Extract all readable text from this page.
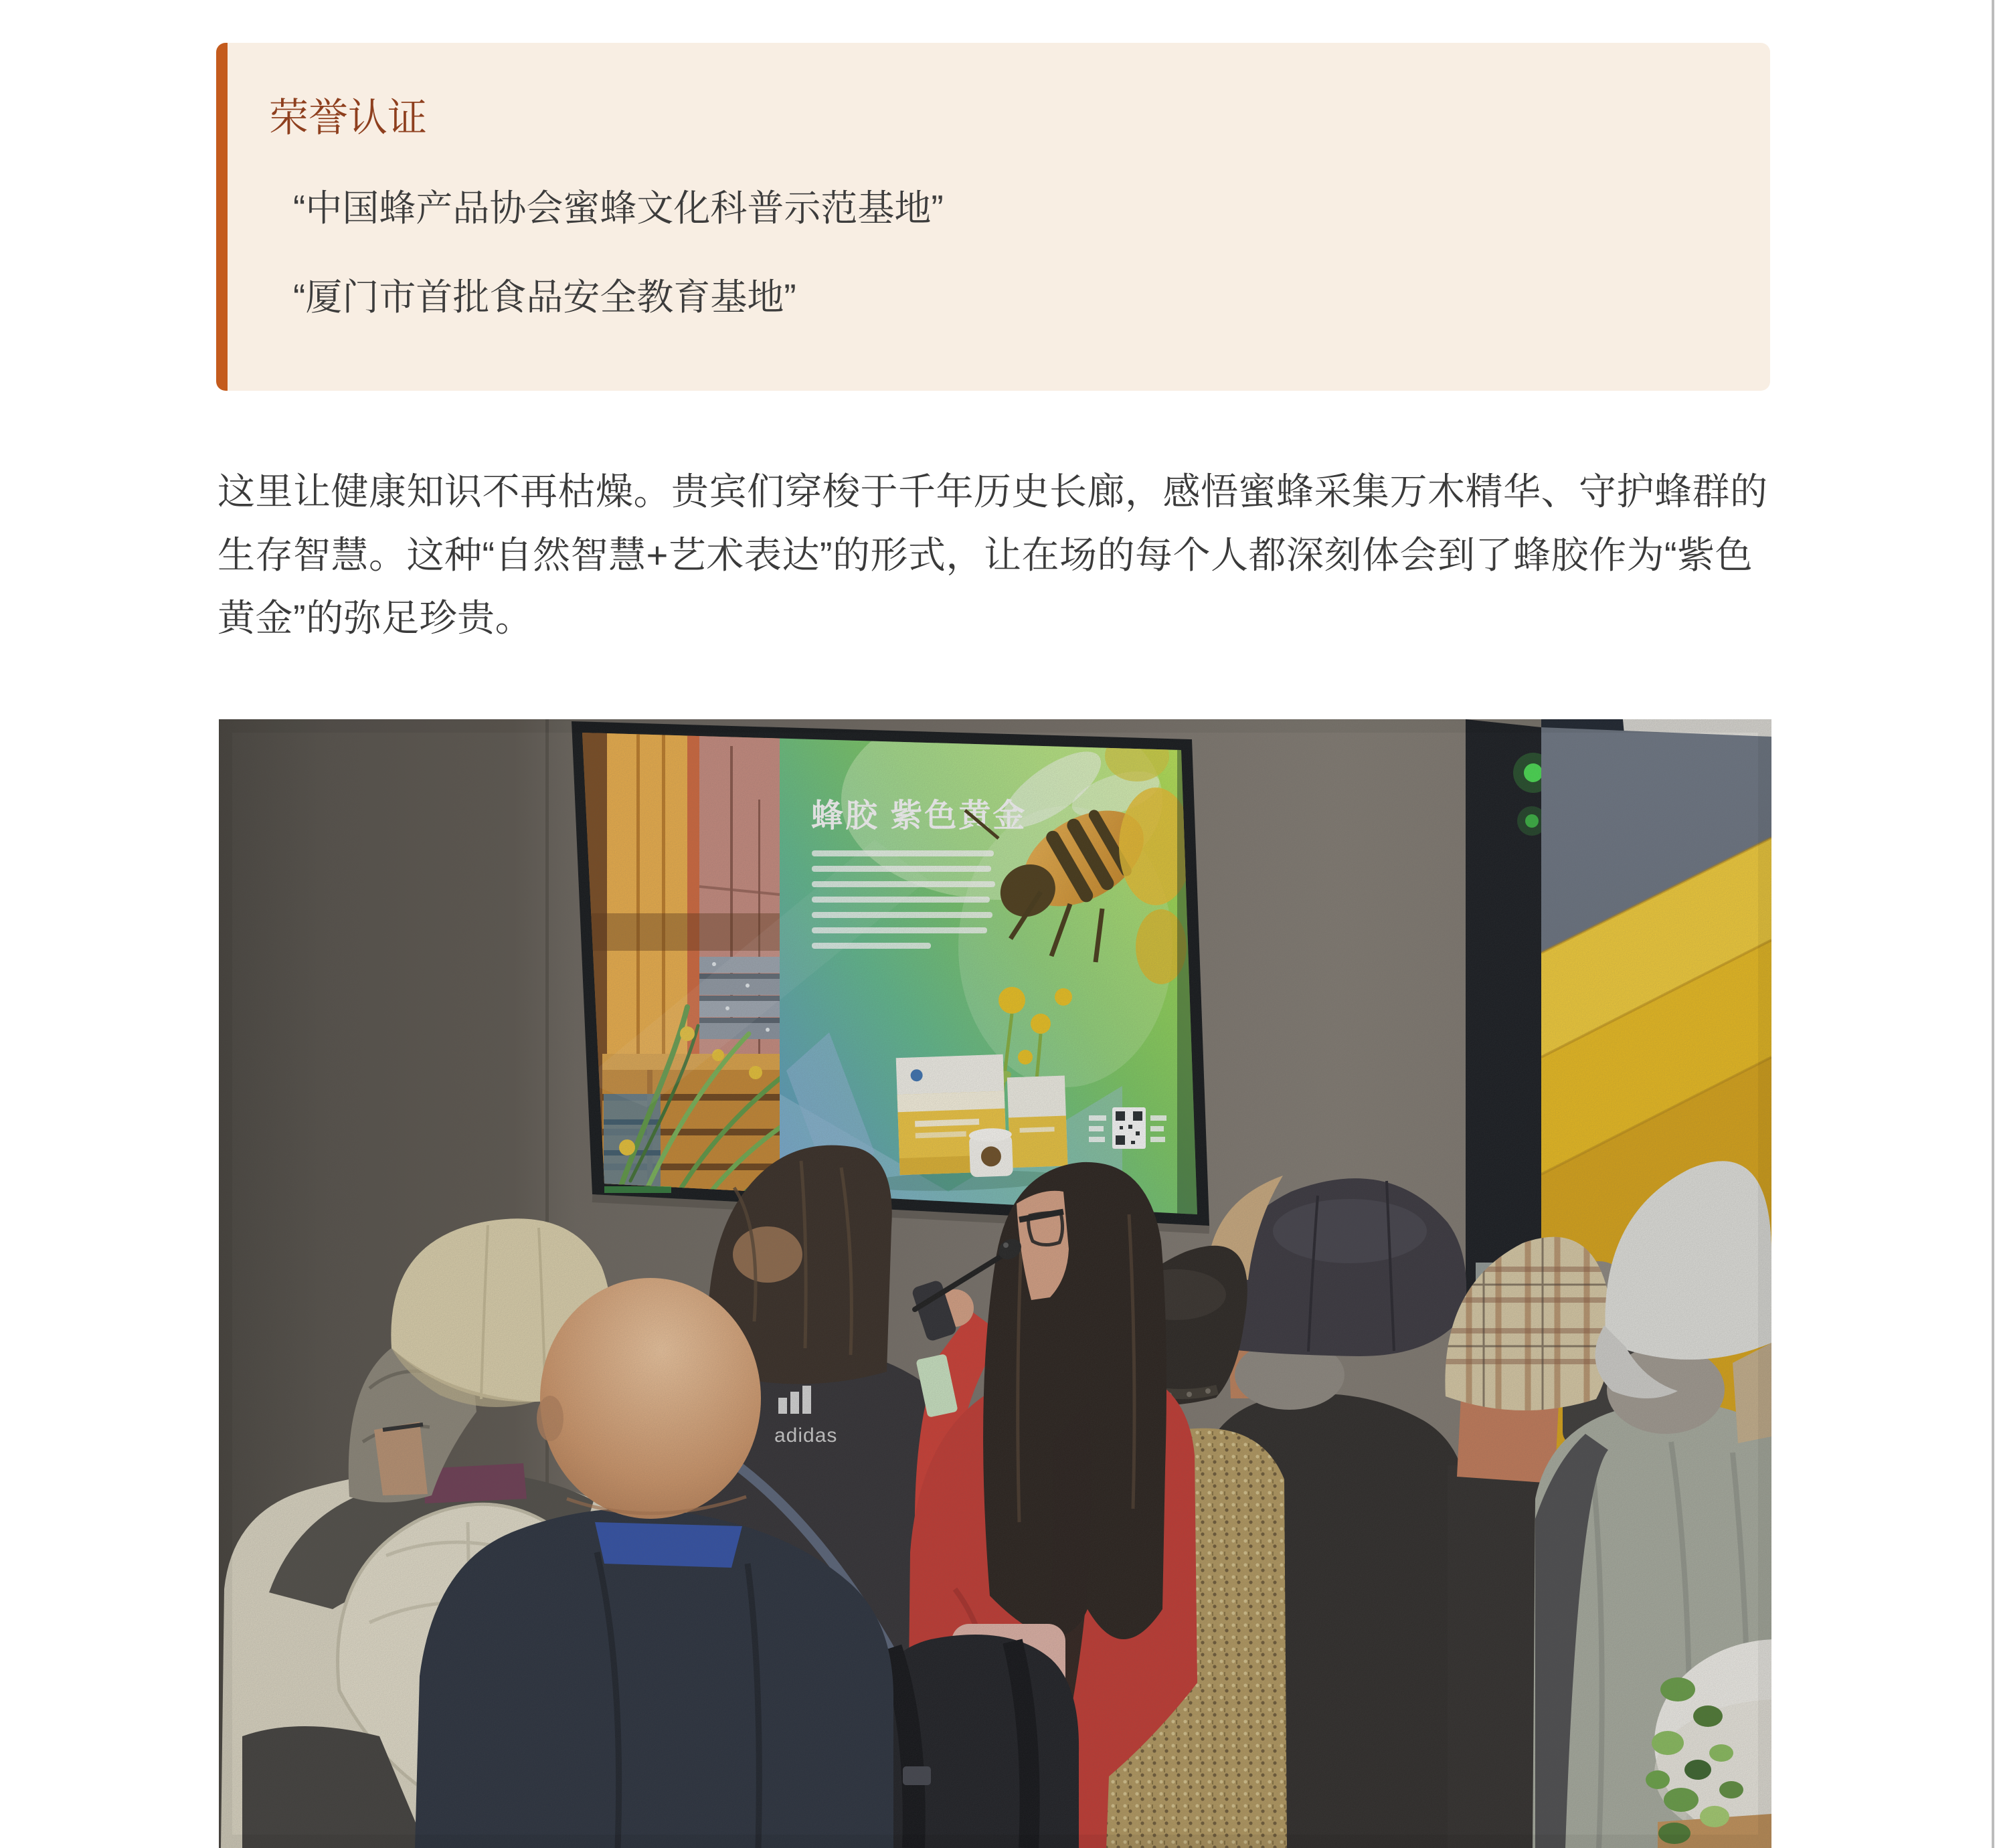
荣誉认证

“中国蜂产品协会蜜蜂文化科普示范基地”

“厦门市首批食品安全教育基地”

这里让健康知识不再枯燥。贵宾们穿梭于千年历史长廊，感悟蜜蜂采集万木精华、守护蜂群的生存智慧。这种“自然智慧+艺术表达”的形式，让在场的每个人都深刻体会到了蜂胶作为“紫色黄金”的弥足珍贵。
